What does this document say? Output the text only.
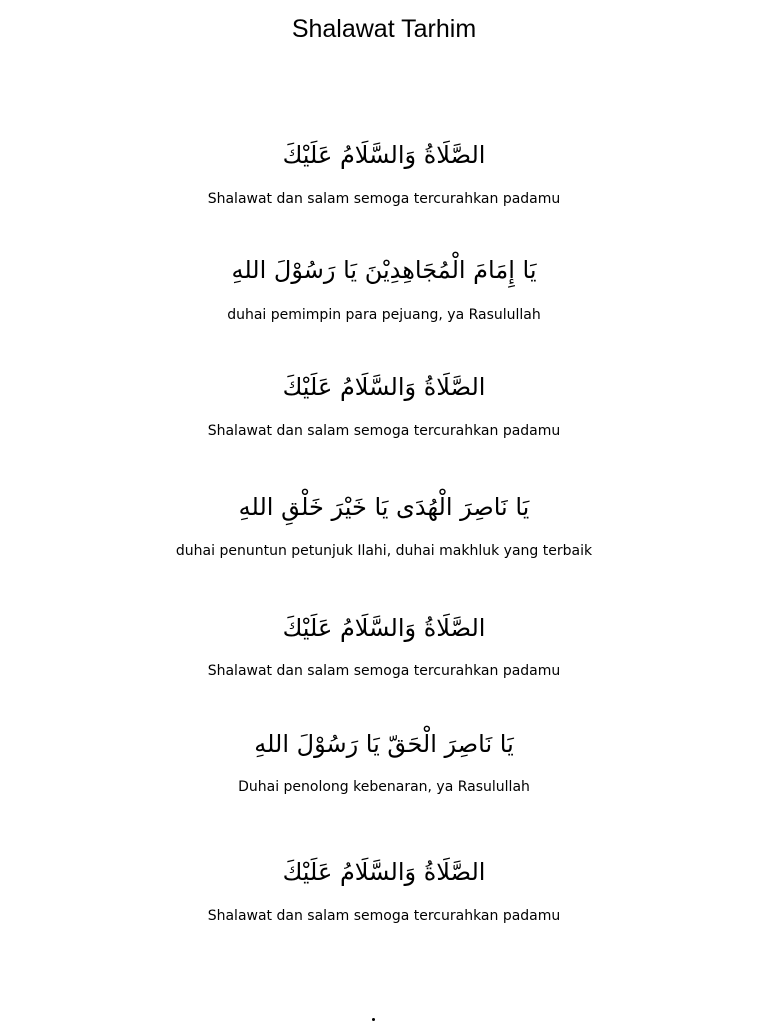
Shalawat Tarhim
الصَّلَاةُ وَالسَّلَامُ عَلَيْكَ
Shalawat dan salam semoga tercurahkan padamu
يَا إِمَامَ الْمُجَاهِدِيْنَ يَا رَسُوْلَ اللهِ
duhai pemimpin para pejuang, ya Rasulullah
الصَّلَاةُ وَالسَّلَامُ عَلَيْكَ
Shalawat dan salam semoga tercurahkan padamu
يَا نَاصِرَ الْهُدَى يَا خَيْرَ خَلْقِ اللهِ
duhai penuntun petunjuk Ilahi, duhai makhluk yang terbaik
الصَّلَاةُ وَالسَّلَامُ عَلَيْكَ
Shalawat dan salam semoga tercurahkan padamu
يَا نَاصِرَ الْحَقّ يَا رَسُوْلَ اللهِ
Duhai penolong kebenaran, ya Rasulullah
الصَّلَاةُ وَالسَّلَامُ عَلَيْكَ
Shalawat dan salam semoga tercurahkan padamu
